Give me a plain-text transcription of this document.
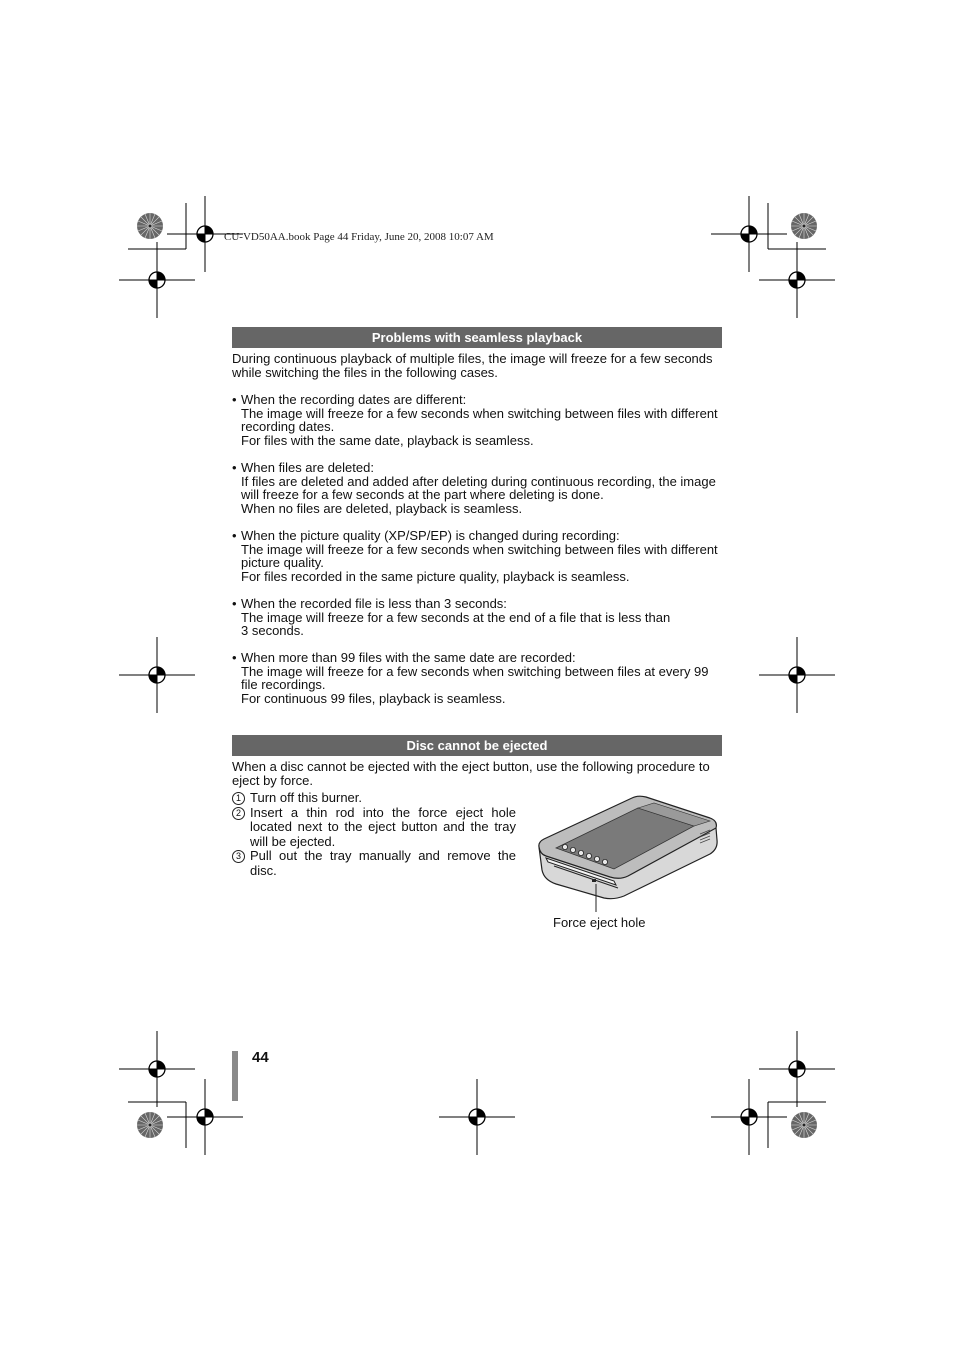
CU-VD50AA.book Page 44 Friday, June 20, 2008 10:07 AM
Problems with seamless playback

During continuous playback of multiple files, the image will freeze for a few seconds while switching the files in the following cases.

• When the recording dates are different:
The image will freeze for a few seconds when switching between files with different recording dates.
For files with the same date, playback is seamless.
• When files are deleted:
If files are deleted and added after deleting during continuous recording, the image will freeze for a few seconds at the part where deleting is done.
When no files are deleted, playback is seamless.
• When the picture quality (XP/SP/EP) is changed during recording:
The image will freeze for a few seconds when switching between files with different picture quality.
For files recorded in the same picture quality, playback is seamless.
• When the recorded file is less than 3 seconds:
The image will freeze for a few seconds at the end of a file that is less than 3 seconds.
• When more than 99 files with the same date are recorded:
The image will freeze for a few seconds when switching between files at every 99 file recordings.
For continuous 99 files, playback is seamless.
Disc cannot be ejected

When a disc cannot be ejected with the eject button, use the following procedure to eject by force.

1 Turn off this burner.
2 Insert a thin rod into the force eject hole located next to the eject button and the tray will be ejected.
3 Pull out the tray manually and remove the disc.
Force eject hole
44
